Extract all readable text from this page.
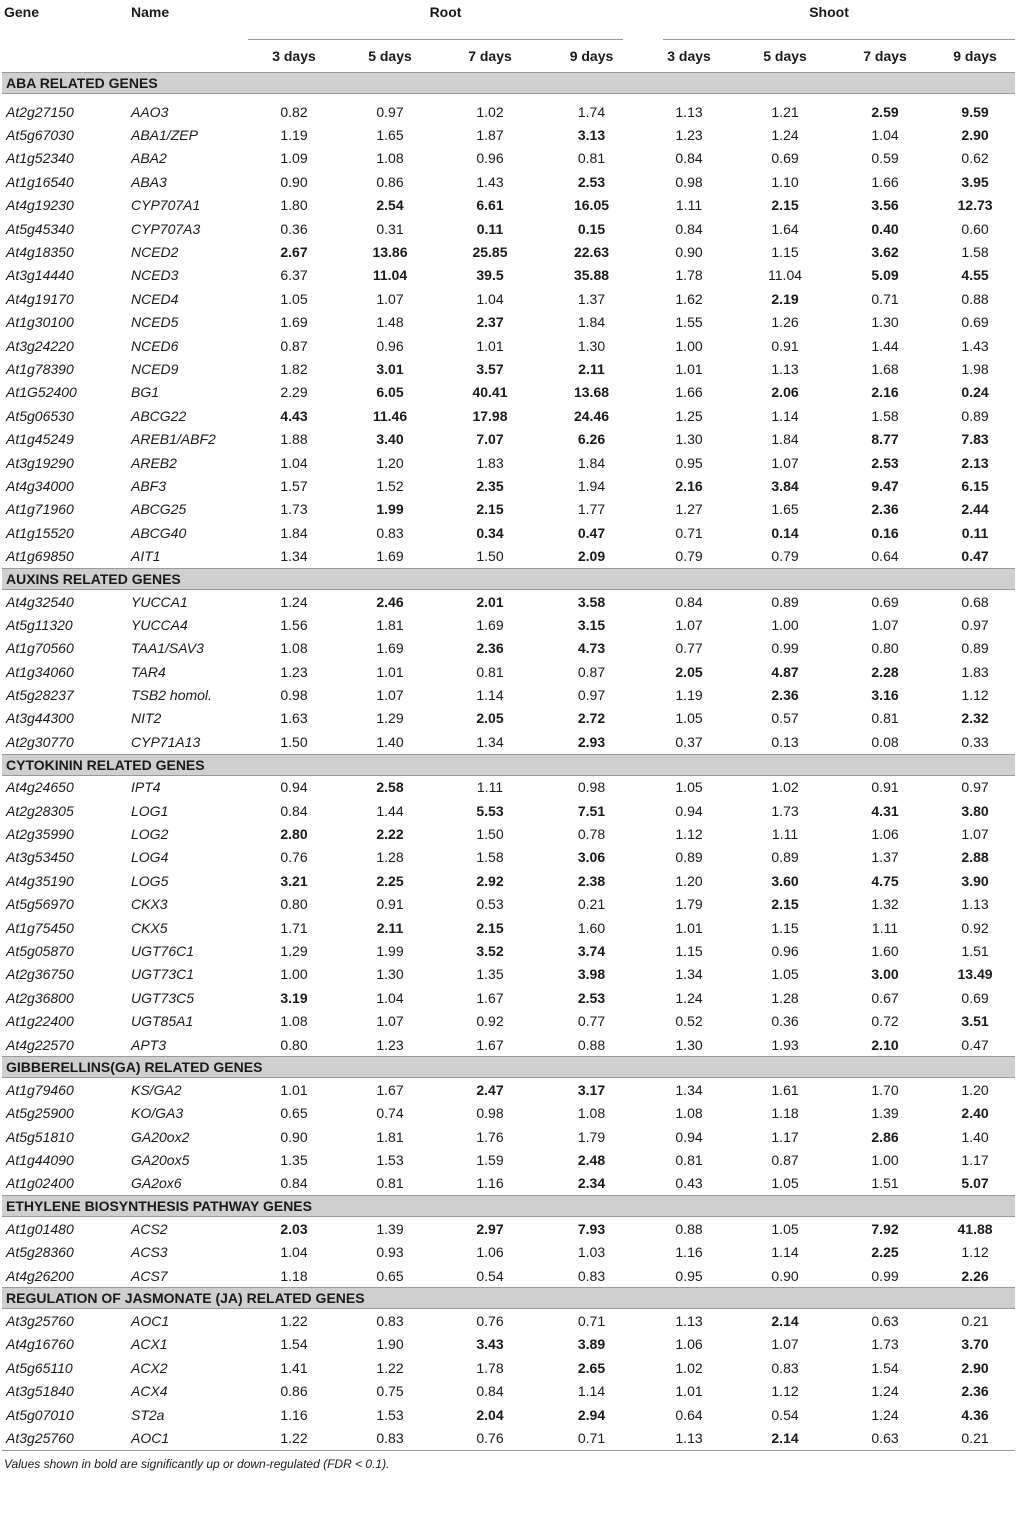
Gene	Name	Root				Shoot			

		3 days	5 days	7 days	9 days	3 days	5 days	7 days	9 days
ABA RELATED GENES									

At2g27150	AAO3	0.82	0.97	1.02	1.74	1.13	1.21	2.59	9.59
At5g67030	ABA1/ZEP	1.19	1.65	1.87	3.13	1.23	1.24	1.04	2.90
At1g52340	ABA2	1.09	1.08	0.96	0.81	0.84	0.69	0.59	0.62
At1g16540	ABA3	0.90	0.86	1.43	2.53	0.98	1.10	1.66	3.95
At4g19230	CYP707A1	1.80	2.54	6.61	16.05	1.11	2.15	3.56	12.73
At5g45340	CYP707A3	0.36	0.31	0.11	0.15	0.84	1.64	0.40	0.60
At4g18350	NCED2	2.67	13.86	25.85	22.63	0.90	1.15	3.62	1.58
At3g14440	NCED3	6.37	11.04	39.5	35.88	1.78	11.04	5.09	4.55
At4g19170	NCED4	1.05	1.07	1.04	1.37	1.62	2.19	0.71	0.88
At1g30100	NCED5	1.69	1.48	2.37	1.84	1.55	1.26	1.30	0.69
At3g24220	NCED6	0.87	0.96	1.01	1.30	1.00	0.91	1.44	1.43
At1g78390	NCED9	1.82	3.01	3.57	2.11	1.01	1.13	1.68	1.98
At1G52400	BG1	2.29	6.05	40.41	13.68	1.66	2.06	2.16	0.24
At5g06530	ABCG22	4.43	11.46	17.98	24.46	1.25	1.14	1.58	0.89
At1g45249	AREB1/ABF2	1.88	3.40	7.07	6.26	1.30	1.84	8.77	7.83
At3g19290	AREB2	1.04	1.20	1.83	1.84	0.95	1.07	2.53	2.13
At4g34000	ABF3	1.57	1.52	2.35	1.94	2.16	3.84	9.47	6.15
At1g71960	ABCG25	1.73	1.99	2.15	1.77	1.27	1.65	2.36	2.44
At1g15520	ABCG40	1.84	0.83	0.34	0.47	0.71	0.14	0.16	0.11
At1g69850	AIT1	1.34	1.69	1.50	2.09	0.79	0.79	0.64	0.47
AUXINS RELATED GENES									
At4g32540	YUCCA1	1.24	2.46	2.01	3.58	0.84	0.89	0.69	0.68
At5g11320	YUCCA4	1.56	1.81	1.69	3.15	1.07	1.00	1.07	0.97
At1g70560	TAA1/SAV3	1.08	1.69	2.36	4.73	0.77	0.99	0.80	0.89
At1g34060	TAR4	1.23	1.01	0.81	0.87	2.05	4.87	2.28	1.83
At5g28237	TSB2 homol.	0.98	1.07	1.14	0.97	1.19	2.36	3.16	1.12
At3g44300	NIT2	1.63	1.29	2.05	2.72	1.05	0.57	0.81	2.32
At2g30770	CYP71A13	1.50	1.40	1.34	2.93	0.37	0.13	0.08	0.33
CYTOKININ RELATED GENES									
At4g24650	IPT4	0.94	2.58	1.11	0.98	1.05	1.02	0.91	0.97
At2g28305	LOG1	0.84	1.44	5.53	7.51	0.94	1.73	4.31	3.80
At2g35990	LOG2	2.80	2.22	1.50	0.78	1.12	1.11	1.06	1.07
At3g53450	LOG4	0.76	1.28	1.58	3.06	0.89	0.89	1.37	2.88
At4g35190	LOG5	3.21	2.25	2.92	2.38	1.20	3.60	4.75	3.90
At5g56970	CKX3	0.80	0.91	0.53	0.21	1.79	2.15	1.32	1.13
At1g75450	CKX5	1.71	2.11	2.15	1.60	1.01	1.15	1.11	0.92
At5g05870	UGT76C1	1.29	1.99	3.52	3.74	1.15	0.96	1.60	1.51
At2g36750	UGT73C1	1.00	1.30	1.35	3.98	1.34	1.05	3.00	13.49
At2g36800	UGT73C5	3.19	1.04	1.67	2.53	1.24	1.28	0.67	0.69
At1g22400	UGT85A1	1.08	1.07	0.92	0.77	0.52	0.36	0.72	3.51
At4g22570	APT3	0.80	1.23	1.67	0.88	1.30	1.93	2.10	0.47
GIBBERELLINS(GA) RELATED GENES									
At1g79460	KS/GA2	1.01	1.67	2.47	3.17	1.34	1.61	1.70	1.20
At5g25900	KO/GA3	0.65	0.74	0.98	1.08	1.08	1.18	1.39	2.40
At5g51810	GA20ox2	0.90	1.81	1.76	1.79	0.94	1.17	2.86	1.40
At1g44090	GA20ox5	1.35	1.53	1.59	2.48	0.81	0.87	1.00	1.17
At1g02400	GA2ox6	0.84	0.81	1.16	2.34	0.43	1.05	1.51	5.07
ETHYLENE BIOSYNTHESIS PATHWAY GENES									
At1g01480	ACS2	2.03	1.39	2.97	7.93	0.88	1.05	7.92	41.88
At5g28360	ACS3	1.04	0.93	1.06	1.03	1.16	1.14	2.25	1.12
At4g26200	ACS7	1.18	0.65	0.54	0.83	0.95	0.90	0.99	2.26
REGULATION OF JASMONATE (JA) RELATED GENES									
At3g25760	AOC1	1.22	0.83	0.76	0.71	1.13	2.14	0.63	0.21
At4g16760	ACX1	1.54	1.90	3.43	3.89	1.06	1.07	1.73	3.70
At5g65110	ACX2	1.41	1.22	1.78	2.65	1.02	0.83	1.54	2.90
At3g51840	ACX4	0.86	0.75	0.84	1.14	1.01	1.12	1.24	2.36
At5g07010	ST2a	1.16	1.53	2.04	2.94	0.64	0.54	1.24	4.36
At3g25760	AOC1	1.22	0.83	0.76	0.71	1.13	2.14	0.63	0.21
Values shown in bold are significantly up or down-regulated (FDR < 0.1).
